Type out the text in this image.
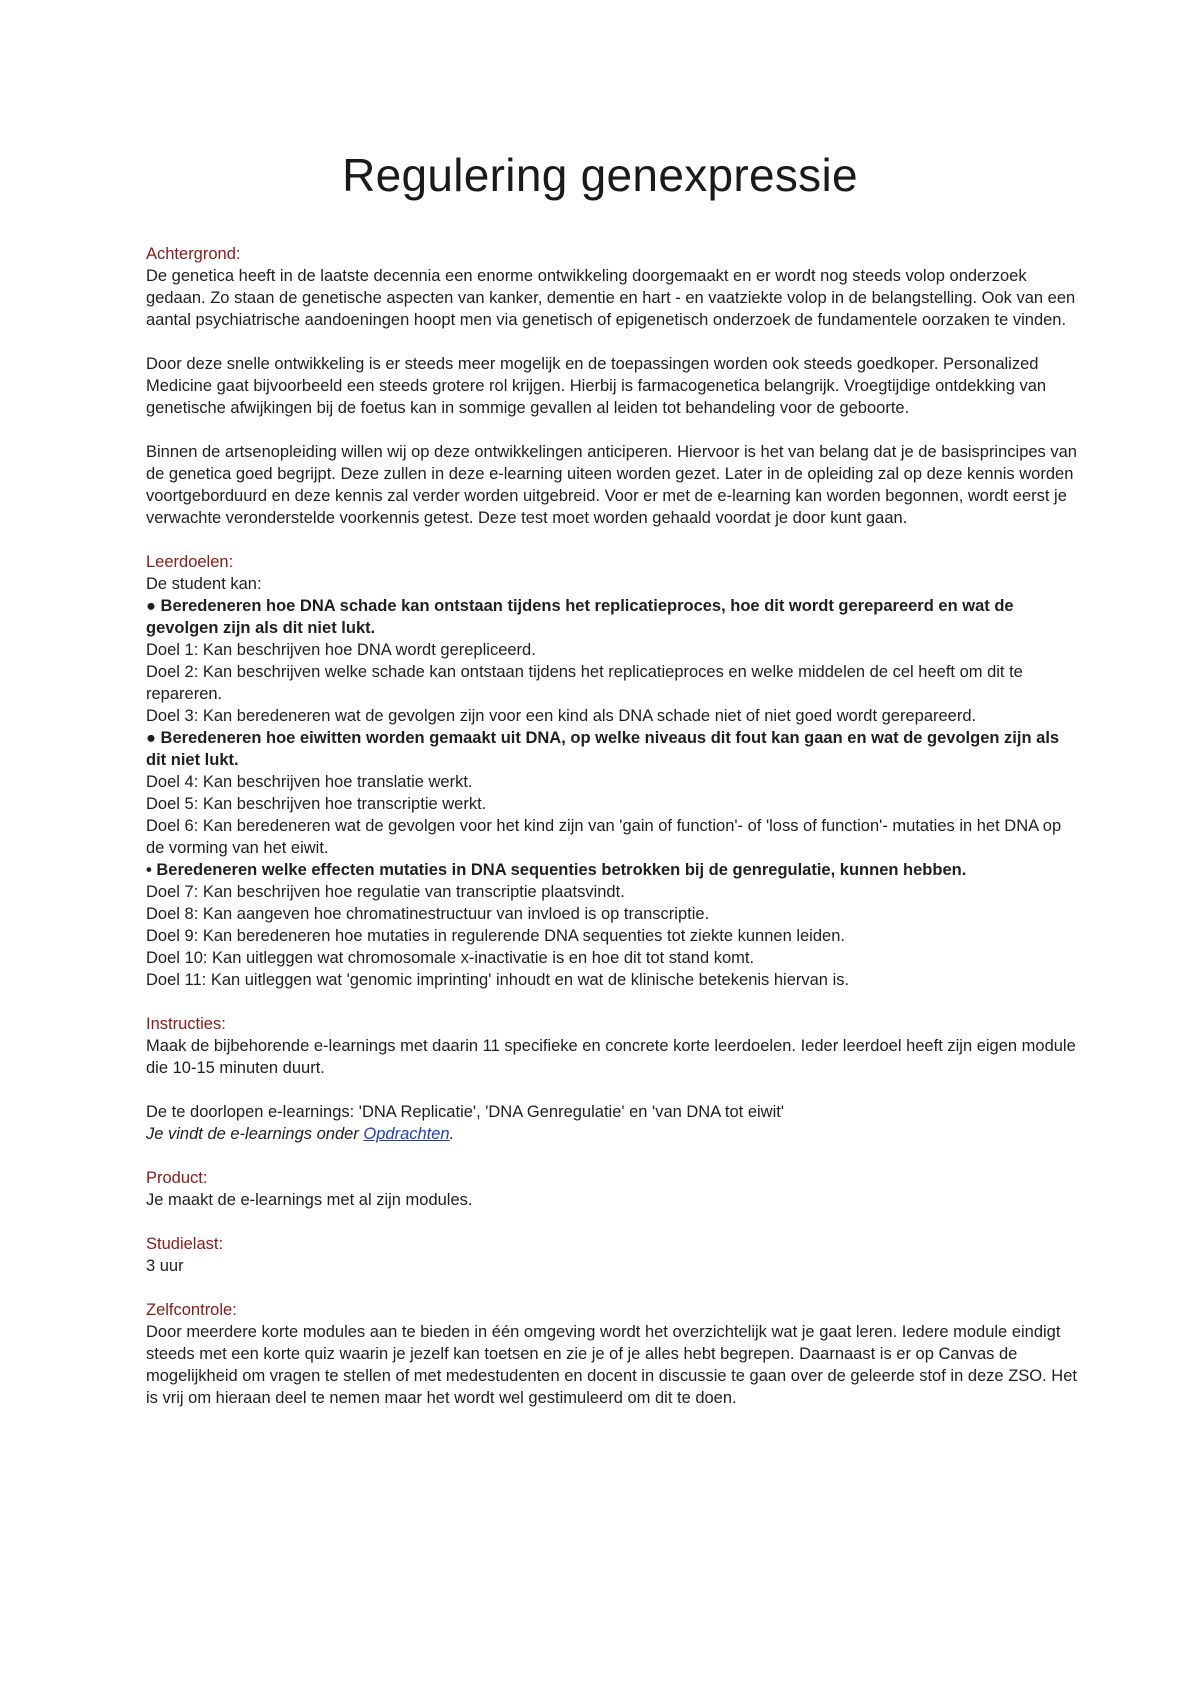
Regulering genexpressie

Achtergrond:

De genetica heeft in de laatste decennia een enorme ontwikkeling doorgemaakt en er wordt nog steeds volop onderzoek gedaan. Zo staan de genetische aspecten van kanker, dementie en hart - en vaatziekte volop in de belangstelling. Ook van een aantal psychiatrische aandoeningen hoopt men via genetisch of epigenetisch onderzoek de fundamentele oorzaken te vinden.

Door deze snelle ontwikkeling is er steeds meer mogelijk en de toepassingen worden ook steeds goedkoper. Personalized Medicine gaat bijvoorbeeld een steeds grotere rol krijgen. Hierbij is farmacogenetica belangrijk. Vroegtijdige ontdekking van genetische afwijkingen bij de foetus kan in sommige gevallen al leiden tot behandeling voor de geboorte.

Binnen de artsenopleiding willen wij op deze ontwikkelingen anticiperen. Hiervoor is het van belang dat je de basisprincipes van de genetica goed begrijpt. Deze zullen in deze e-learning uiteen worden gezet. Later in de opleiding zal op deze kennis worden voortgeborduurd en deze kennis zal verder worden uitgebreid. Voor er met de e-learning kan worden begonnen, wordt eerst je verwachte veronderstelde voorkennis getest. Deze test moet worden gehaald voordat je door kunt gaan.

Leerdoelen:

De student kan:

● Beredeneren hoe DNA schade kan ontstaan tijdens het replicatieproces, hoe dit wordt gerepareerd en wat de gevolgen zijn als dit niet lukt.

Doel 1: Kan beschrijven hoe DNA wordt gerepliceerd.

Doel 2: Kan beschrijven welke schade kan ontstaan tijdens het replicatieproces en welke middelen de cel heeft om dit te repareren.

Doel 3: Kan beredeneren wat de gevolgen zijn voor een kind als DNA schade niet of niet goed wordt gerepareerd.

● Beredeneren hoe eiwitten worden gemaakt uit DNA, op welke niveaus dit fout kan gaan en wat de gevolgen zijn als dit niet lukt.

Doel 4: Kan beschrijven hoe translatie werkt.

Doel 5: Kan beschrijven hoe transcriptie werkt.

Doel 6: Kan beredeneren wat de gevolgen voor het kind zijn van 'gain of function'- of 'loss of function'- mutaties in het DNA op de vorming van het eiwit.

• Beredeneren welke effecten mutaties in DNA sequenties betrokken bij de genregulatie, kunnen hebben.

Doel 7: Kan beschrijven hoe regulatie van transcriptie plaatsvindt.

Doel 8: Kan aangeven hoe chromatinestructuur van invloed is op transcriptie.

Doel 9: Kan beredeneren hoe mutaties in regulerende DNA sequenties tot ziekte kunnen leiden.

Doel 10: Kan uitleggen wat chromosomale x-inactivatie is en hoe dit tot stand komt.

Doel 11: Kan uitleggen wat 'genomic imprinting' inhoudt en wat de klinische betekenis hiervan is.

Instructies:

Maak de bijbehorende e-learnings met daarin 11 specifieke en concrete korte leerdoelen. Ieder leerdoel heeft zijn eigen module die 10-15 minuten duurt.

De te doorlopen e-learnings: 'DNA Replicatie', 'DNA Genregulatie' en 'van DNA tot eiwit'

Je vindt de e-learnings onder Opdrachten.

Product:

Je maakt de e-learnings met al zijn modules.

Studielast:

3 uur

Zelfcontrole:

Door meerdere korte modules aan te bieden in één omgeving wordt het overzichtelijk wat je gaat leren. Iedere module eindigt steeds met een korte quiz waarin je jezelf kan toetsen en zie je of je alles hebt begrepen. Daarnaast is er op Canvas de mogelijkheid om vragen te stellen of met medestudenten en docent in discussie te gaan over de geleerde stof in deze ZSO. Het is vrij om hieraan deel te nemen maar het wordt wel gestimuleerd om dit te doen.
